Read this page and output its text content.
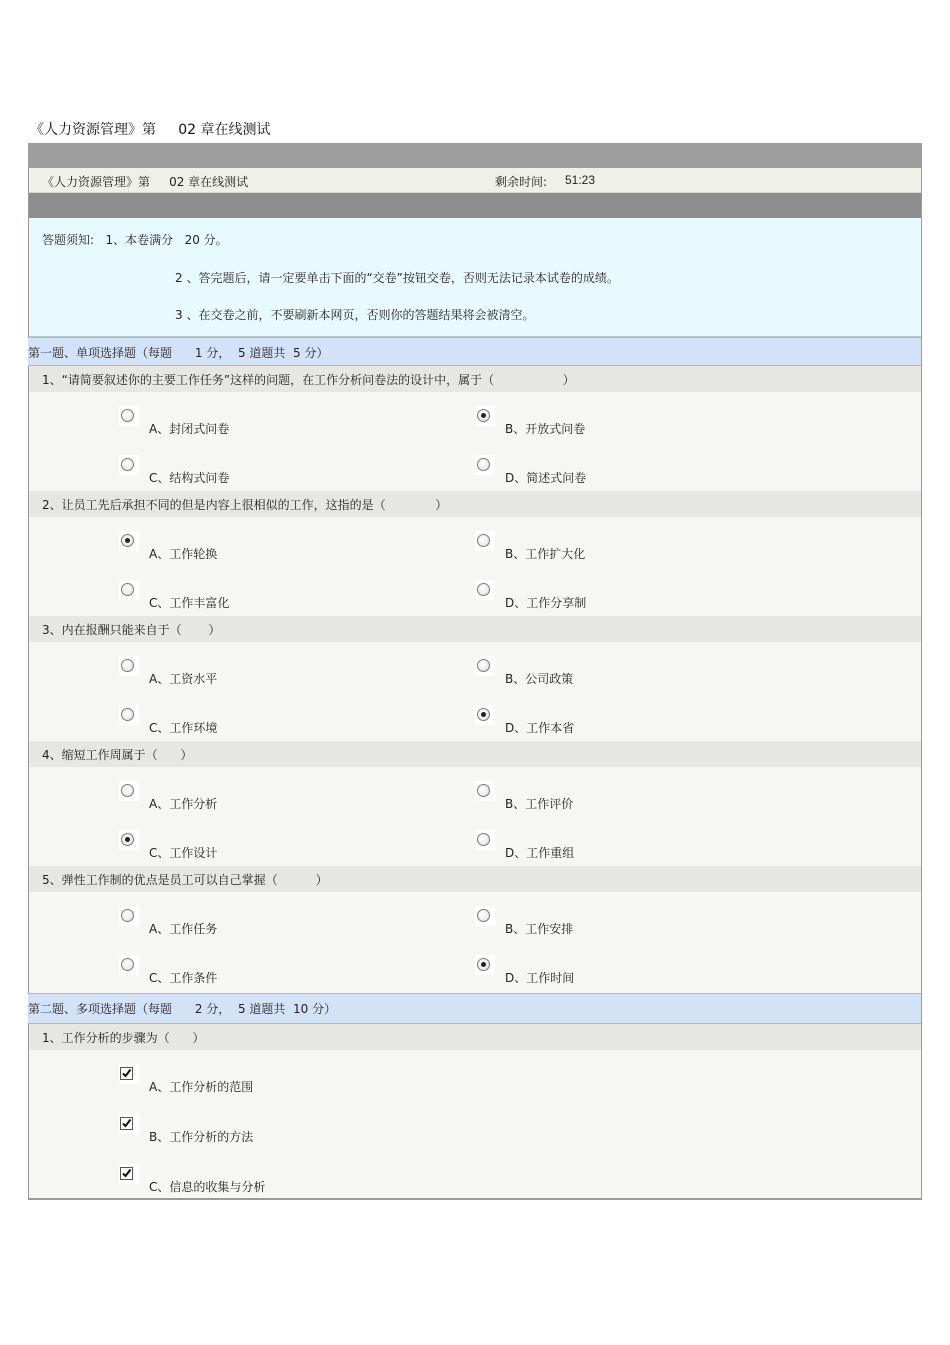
《人力资源管理》第     02 章在线测试
《人力资源管理》第     02 章在线测试	剩余时间: 51:23
答题须知:   1、本卷满分   20 分。
2 、答完题后，请一定要单击下面的“交卷”按钮交卷，否则无法记录本试卷的成绩。
3 、在交卷之前，不要刷新本网页，否则你的答题结果将会被清空。
第一题、单项选择题（每题      1 分，  5 道题共  5 分）
1、“请简要叙述你的主要工作任务”这样的问题，在工作分析问卷法的设计中，属于（                  ）
A、封闭式问卷	B、开放式问卷
C、结构式问卷	D、简述式问卷
2、让员工先后承担不同的但是内容上很相似的工作，这指的是（             ）
A、工作轮换	B、工作扩大化
C、工作丰富化	D、工作分享制
3、内在报酬只能来自于（       ）
A、工资水平	B、公司政策
C、工作环境	D、工作本省
4、缩短工作周属于（      ）
A、工作分析	B、工作评价
C、工作设计	D、工作重组
5、弹性工作制的优点是员工可以自己掌握（          ）
A、工作任务	B、工作安排
C、工作条件	D、工作时间
第二题、多项选择题（每题      2 分，  5 道题共  10 分）
1、工作分析的步骤为（      ）
A、工作分析的范围
B、工作分析的方法
C、信息的收集与分析
